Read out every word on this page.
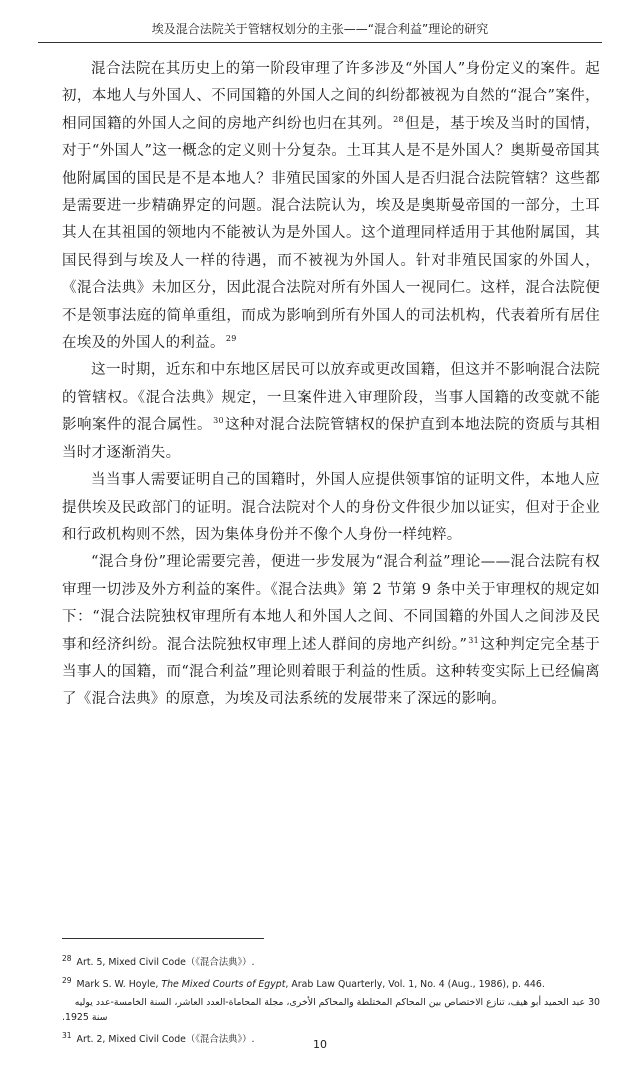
埃及混合法院关于管辖权划分的主张——“混合利益”理论的研究

混合法院在其历史上的第一阶段审理了许多涉及“外国人”身份定义的案件。起初，本地人与外国人、不同国籍的外国人之间的纠纷都被视为自然的“混合”案件，相同国籍的外国人之间的房地产纠纷也归在其列。$^{28}$但是，基于埃及当时的国情，对于“外国人”这一概念的定义则十分复杂。土耳其人是不是外国人？奥斯曼帝国其他附属国的国民是不是本地人？非殖民国家的外国人是否归混合法院管辖？这些都是需要进一步精确界定的问题。混合法院认为，埃及是奥斯曼帝国的一部分，土耳其人在其祖国的领地内不能被认为是外国人。这个道理同样适用于其他附属国，其国民得到与埃及人一样的待遇，而不被视为外国人。针对非殖民国家的外国人，《混合法典》未加区分，因此混合法院对所有外国人一视同仁。这样，混合法院便不是领事法庭的简单重组，而成为影响到所有外国人的司法机构，代表着所有居住在埃及的外国人的利益。$^{29}$

这一时期，近东和中东地区居民可以放弃或更改国籍，但这并不影响混合法院的管辖权。《混合法典》规定，一旦案件进入审理阶段，当事人国籍的改变就不能影响案件的混合属性。$^{30}$这种对混合法院管辖权的保护直到本地法院的资质与其相当时才逐渐消失。

当当事人需要证明自己的国籍时，外国人应提供领事馆的证明文件，本地人应提供埃及民政部门的证明。混合法院对个人的身份文件很少加以证实，但对于企业和行政机构则不然，因为集体身份并不像个人身份一样纯粹。

“混合身份”理论需要完善，便进一步发展为“混合利益”理论——混合法院有权审理一切涉及外方利益的案件。《混合法典》第 2 节第 9 条中关于审理权的规定如下：“混合法院独权审理所有本地人和外国人之间、不同国籍的外国人之间涉及民事和经济纠纷。混合法院独权审理上述人群间的房地产纠纷。”$^{31}$这种判定完全基于当事人的国籍，而“混合利益”理论则着眼于利益的性质。这种转变实际上已经偏离了《混合法典》的原意，为埃及司法系统的发展带来了深远的影响。

$^{28}$ Art. 5, Mixed Civil Code（《混合法典》）.

$^{29}$ Mark S. W. Hoyle, The Mixed Courts of Egypt, Arab Law Quarterly, Vol. 1, No. 4 (Aug., 1986), p. 446.

30 عبد الحميد أبو هيف، تنازع الاختصاص بين المحاكم المختلطة والمحاكم الأخرى، مجلة المحاماة-العدد العاشر، السنة الخامسة-عدد يوليه

.1925 سنة

$^{31}$ Art. 2, Mixed Civil Code（《混合法典》）.	10
